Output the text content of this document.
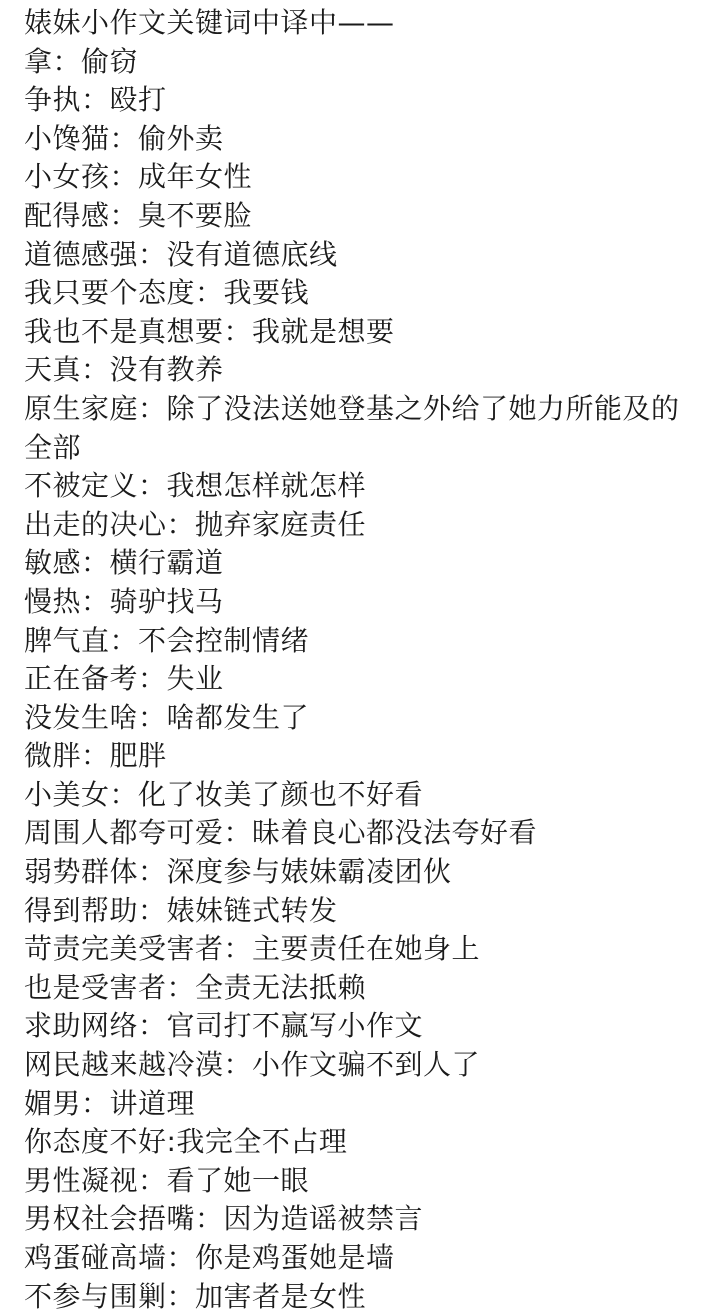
婊妹小作文关键词中译中——

拿：偷窃

争执：殴打

小馋猫：偷外卖

小女孩：成年女性

配得感：臭不要脸

道德感强：没有道德底线

我只要个态度：我要钱

我也不是真想要：我就是想要

天真：没有教养

原生家庭：除了没法送她登基之外给了她力所能及的全部

不被定义：我想怎样就怎样

出走的决心：抛弃家庭责任

敏感：横行霸道

慢热：骑驴找马

脾气直：不会控制情绪

正在备考：失业

没发生啥：啥都发生了

微胖：肥胖

小美女：化了妆美了颜也不好看

周围人都夸可爱：昧着良心都没法夸好看

弱势群体：深度参与婊妹霸凌团伙

得到帮助：婊妹链式转发

苛责完美受害者：主要责任在她身上

也是受害者：全责无法抵赖

求助网络：官司打不赢写小作文

网民越来越冷漠：小作文骗不到人了

媚男：讲道理

你态度不好:我完全不占理

男性凝视：看了她一眼

男权社会捂嘴：因为造谣被禁言

鸡蛋碰高墙：你是鸡蛋她是墙

不参与围剿：加害者是女性
